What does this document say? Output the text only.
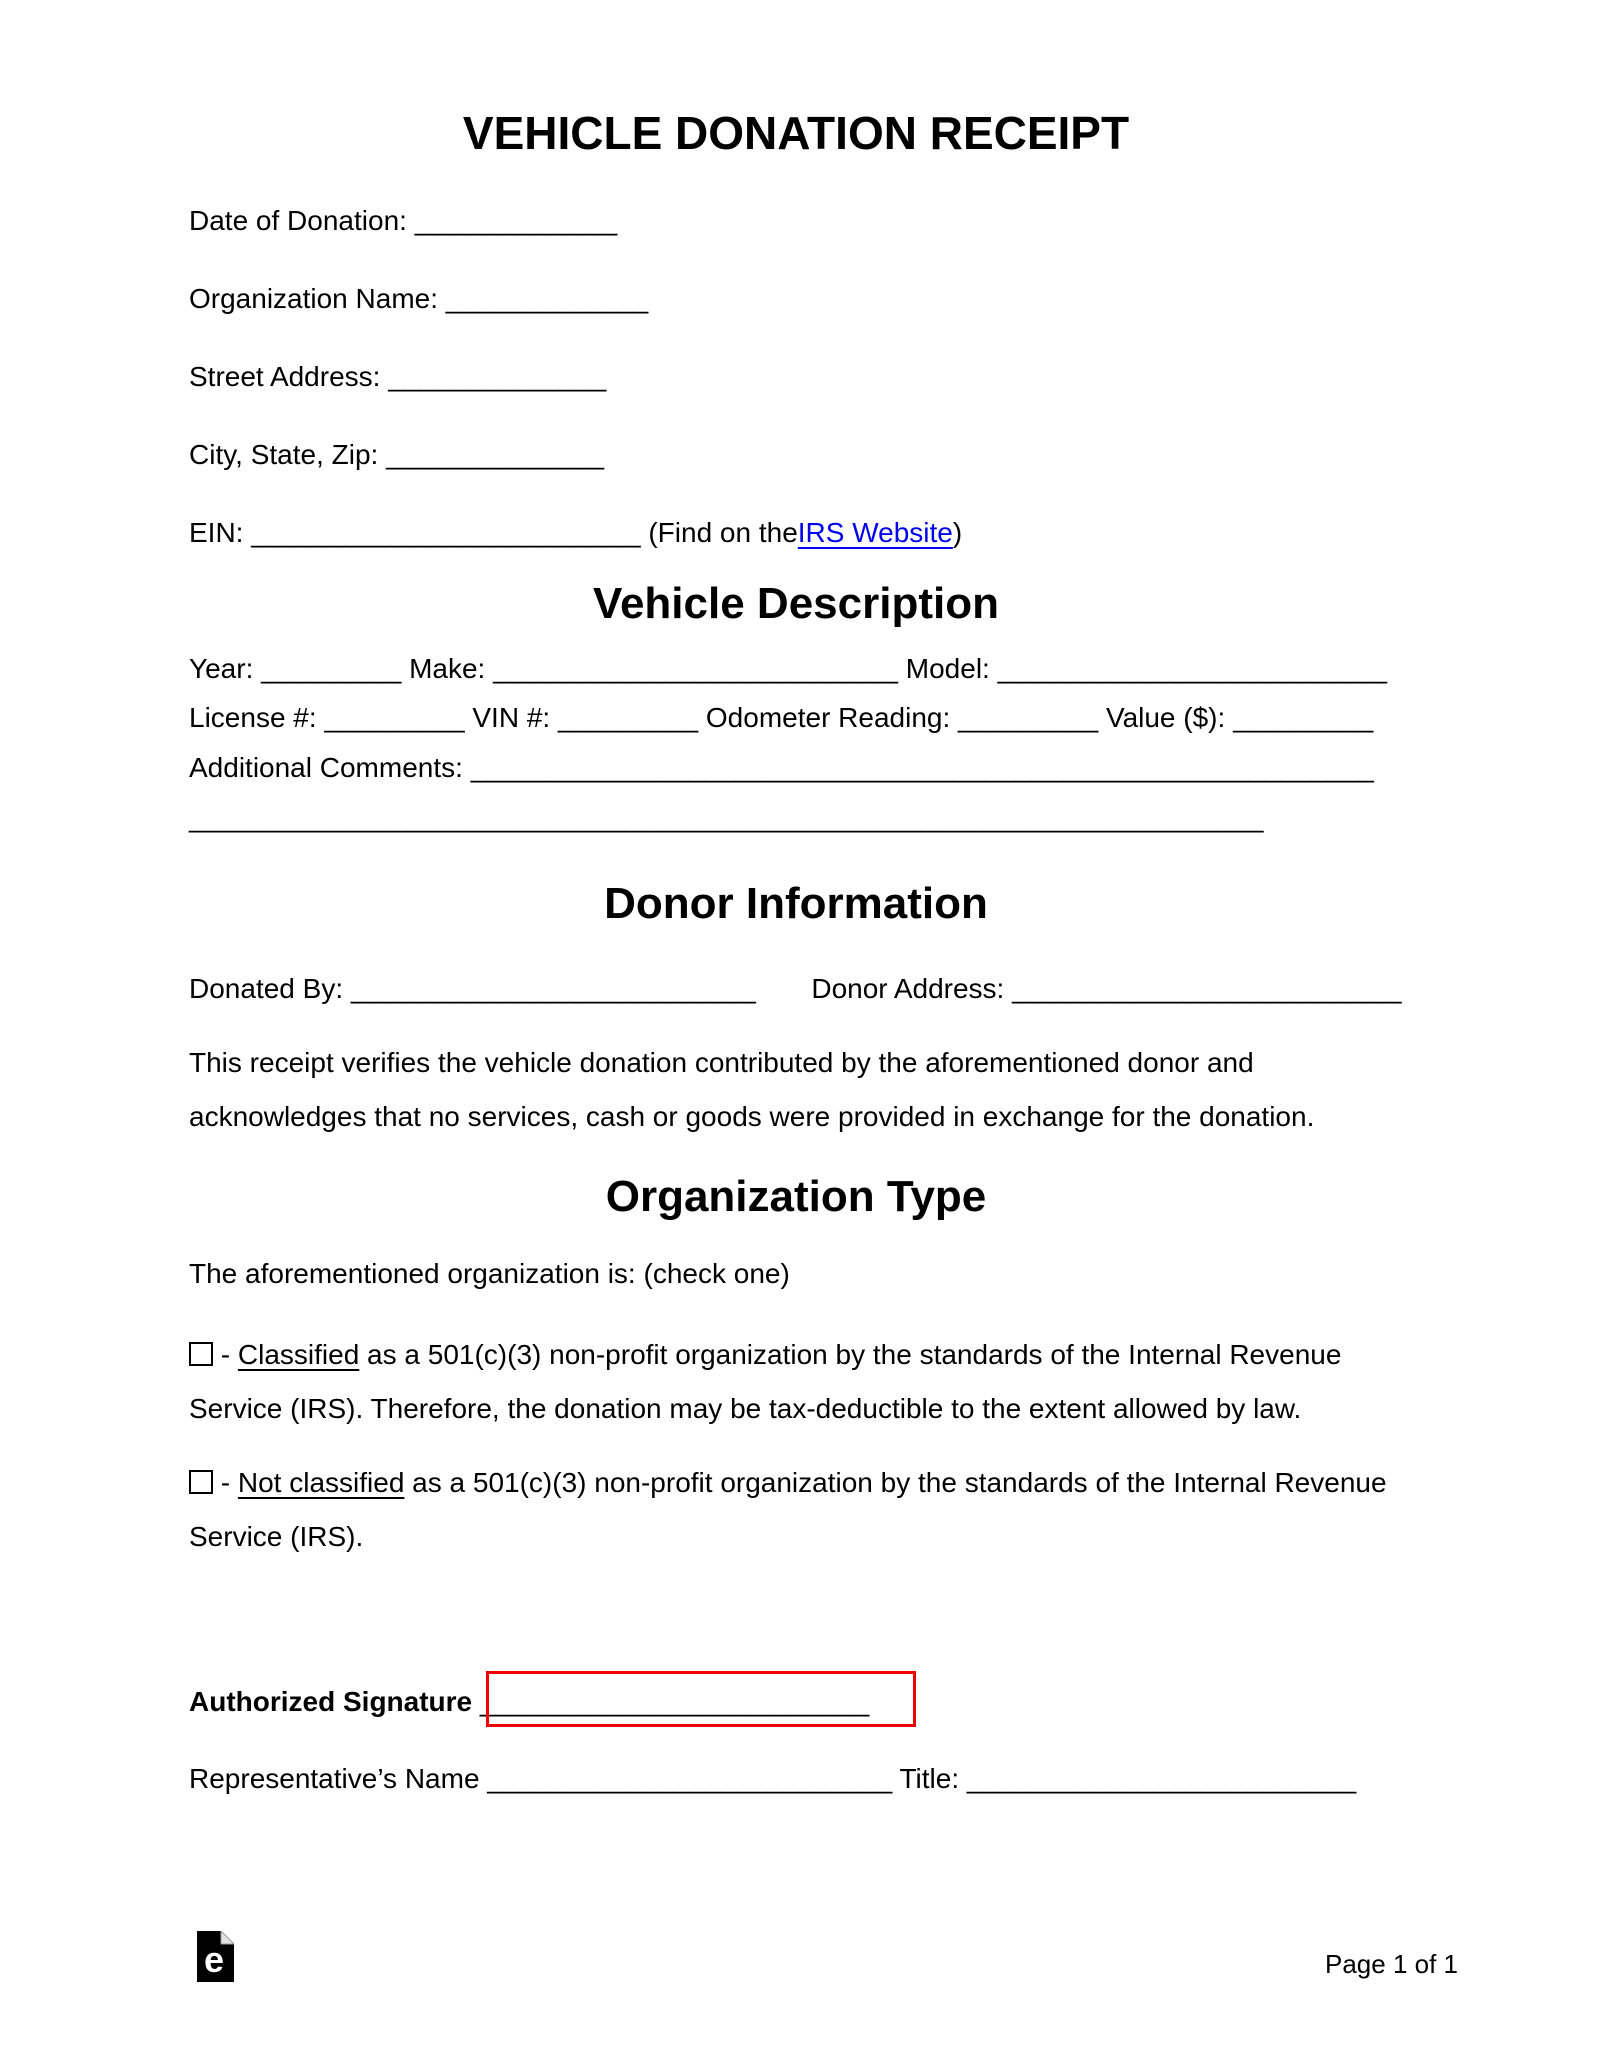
VEHICLE DONATION RECEIPT
Date of Donation: _____________
Organization Name: _____________
Street Address: ______________
City, State, Zip: ______________
EIN: _________________________ (Find on theIRS Website)
Vehicle Description
Year: _________ Make: __________________________ Model: _________________________
License #: _________ VIN #: _________ Odometer Reading: _________ Value ($): _________
Additional Comments: __________________________________________________________
_____________________________________________________________________
Donor Information
Donated By: __________________________ Donor Address: _________________________
This receipt verifies the vehicle donation contributed by the aforementioned donor and acknowledges that no services, cash or goods were provided in exchange for the donation.
Organization Type
The aforementioned organization is: (check one)
- Classified as a 501(c)(3) non-profit organization by the standards of the Internal Revenue Service (IRS). Therefore, the donation may be tax-deductible to the extent allowed by law.
- Not classified as a 501(c)(3) non-profit organization by the standards of the Internal Revenue Service (IRS).
Authorized Signature _________________________
Representative’s Name __________________________ Title: _________________________
e	Page 1 of 1
